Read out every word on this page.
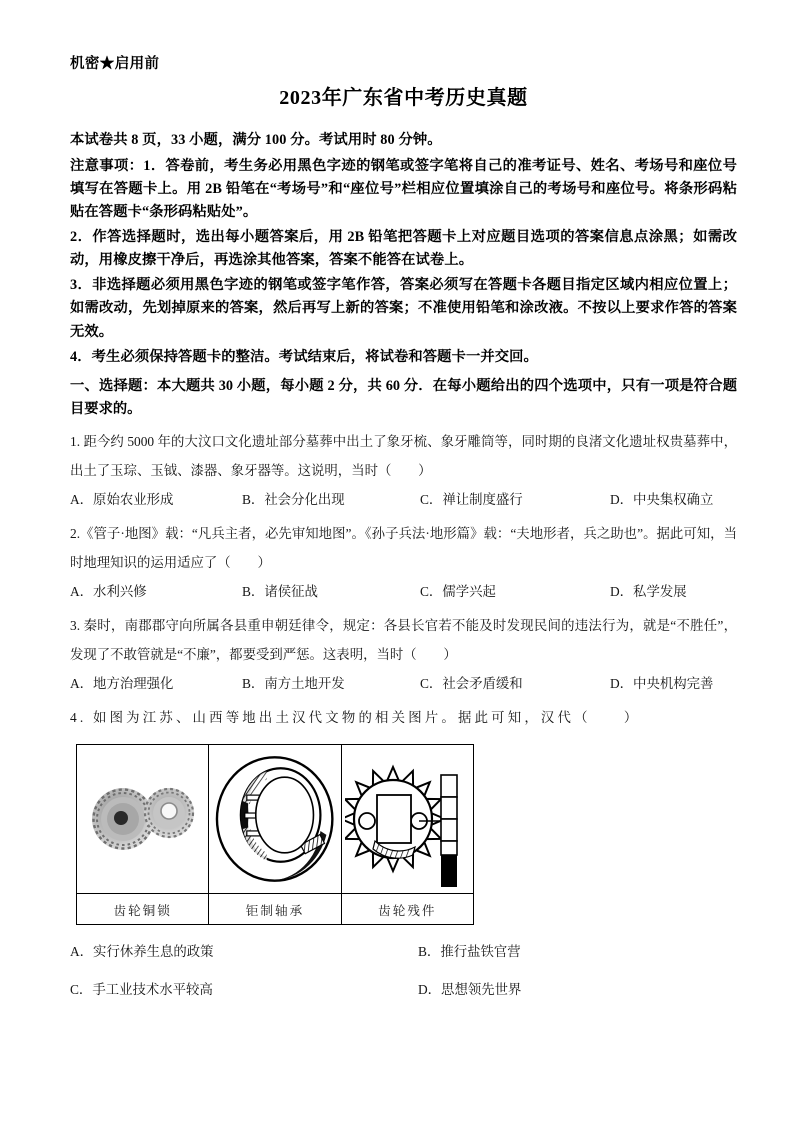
机密★启用前
2023年广东省中考历史真题

本试卷共 8 页，33 小题，满分 100 分。考试用时 80 分钟。

注意事项：1．答卷前，考生务必用黑色字迹的钢笔或签字笔将自己的准考证号、姓名、考场号和座位号填写在答题卡上。用 2B 铅笔在“考场号”和“座位号”栏相应位置填涂自己的考场号和座位号。将条形码粘贴在答题卡“条形码粘贴处”。

2．作答选择题时，选出每小题答案后，用 2B 铅笔把答题卡上对应题目选项的答案信息点涂黑；如需改动，用橡皮擦干净后，再选涂其他答案，答案不能答在试卷上。

3．非选择题必须用黑色字迹的钢笔或签字笔作答，答案必须写在答题卡各题目指定区域内相应位置上；如需改动，先划掉原来的答案，然后再写上新的答案；不准使用铅笔和涂改液。不按以上要求作答的答案无效。

4．考生必须保持答题卡的整洁。考试结束后，将试卷和答题卡一并交回。

一、选择题：本大题共 30 小题，每小题 2 分，共 60 分．在每小题给出的四个选项中，只有一项是符合题目要求的。

1. 距今约 5000 年的大汶口文化遗址部分墓葬中出土了象牙梳、象牙雕筒等，同时期的良渚文化遗址权贵墓葬中，出土了玉琮、玉钺、漆器、象牙器等。这说明，当时（　　）

A．原始农业形成	B．社会分化出现	C．禅让制度盛行	D．中央集权确立

2.《管子·地图》载：“凡兵主者，必先审知地图”。《孙子兵法·地形篇》载：“夫地形者，兵之助也”。据此可知，当时地理知识的运用适应了（　　）

A．水利兴修	B．诸侯征战	C．儒学兴起	D．私学发展

3. 秦时，南郡郡守向所属各县重申朝廷律令，规定：各县长官若不能及时发现民间的违法行为，就是“不胜任”，发现了不敢管就是“不廉”，都要受到严惩。这表明，当时（　　）

A．地方治理强化	B．南方土地开发	C．社会矛盾缓和	D．中央机构完善

4. 如图为江苏、山西等地出土汉代文物的相关图片。据此可知，汉代（　　）

齿轮铜锁	钜制轴承	齿轮残件
A．实行休养生息的政策	B．推行盐铁官营
C．手工业技术水平较高	D．思想领先世界
